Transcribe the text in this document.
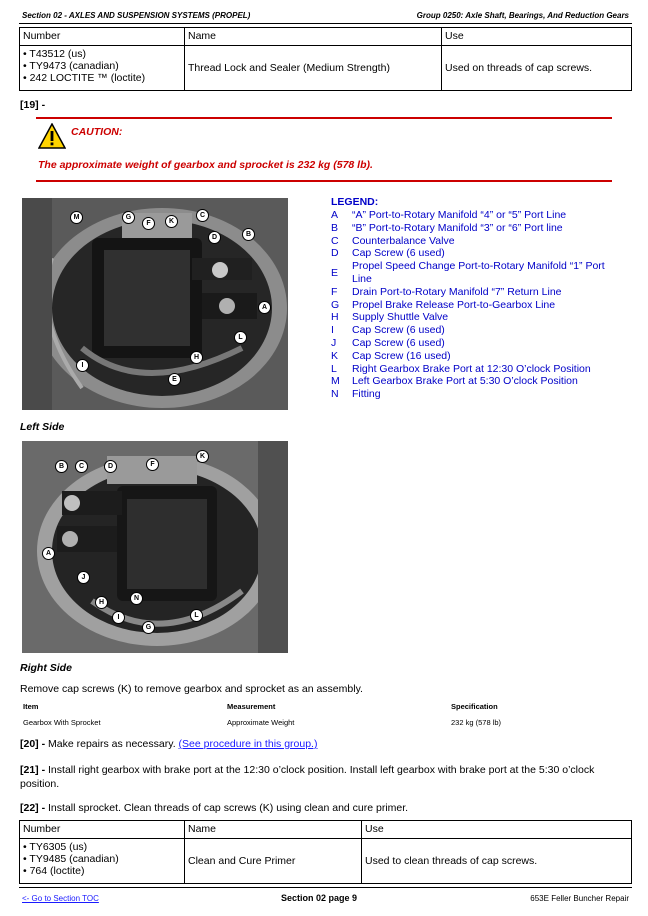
Section 02 - AXLES AND SUSPENSION SYSTEMS (PROPEL)	Group 0250: Axle Shaft, Bearings, And Reduction Gears
Number	Name	Use

• T43512 (us)
• TY9473 (canadian)
• 242 LOCTITE ™ (loctite)	Thread Lock and Sealer (Medium Strength)	Used on threads of cap screws.
[19] -
CAUTION:
The approximate weight of gearbox and sprocket is 232 kg (578 lb).
M	G
F	K
C
D	B
A
I
H
E
L
LEGEND:
A	“A” Port-to-Rotary Manifold “4” or “5” Port Line
B	“B” Port-to-Rotary Manifold “3” or “6” Port line
C	Counterbalance Valve
D	Cap Screw (6 used)
E
Propel Speed Change Port-to-Rotary Manifold “1” Port Line
F	Drain Port-to-Rotary Manifold “7” Return Line
G	Propel Brake Release Port-to-Gearbox Line
H	Supply Shuttle Valve
I	Cap Screw (6 used)
J	Cap Screw (6 used)
K	Cap Screw (16 used)
L	Right Gearbox Brake Port at 12:30 O’clock Position
M	Left Gearbox Brake Port at 5:30 O’clock Position
N	Fitting
Left Side
B	C	D	F
K
A
J
H
N
I
G
L
Right Side
Remove cap screws (K) to remove gearbox and sprocket as an assembly.
Item	Measurement	Specification
Gearbox With Sprocket	Approximate Weight	232 kg (578 lb)
[20] - Make repairs as necessary. (See procedure in this group.)
[21] - Install right gearbox with brake port at the 12:30 o’clock position. Install left gearbox with brake port at the 5:30 o’clock position.
[22] - Install sprocket. Clean threads of cap screws (K) using clean and cure primer.
Number	Name	Use

• TY6305 (us)
• TY9485 (canadian)
• 764 (loctite)	Clean and Cure Primer	Used to clean threads of cap screws.
<- Go to Section TOC	Section 02 page 9	653E Feller Buncher Repair
